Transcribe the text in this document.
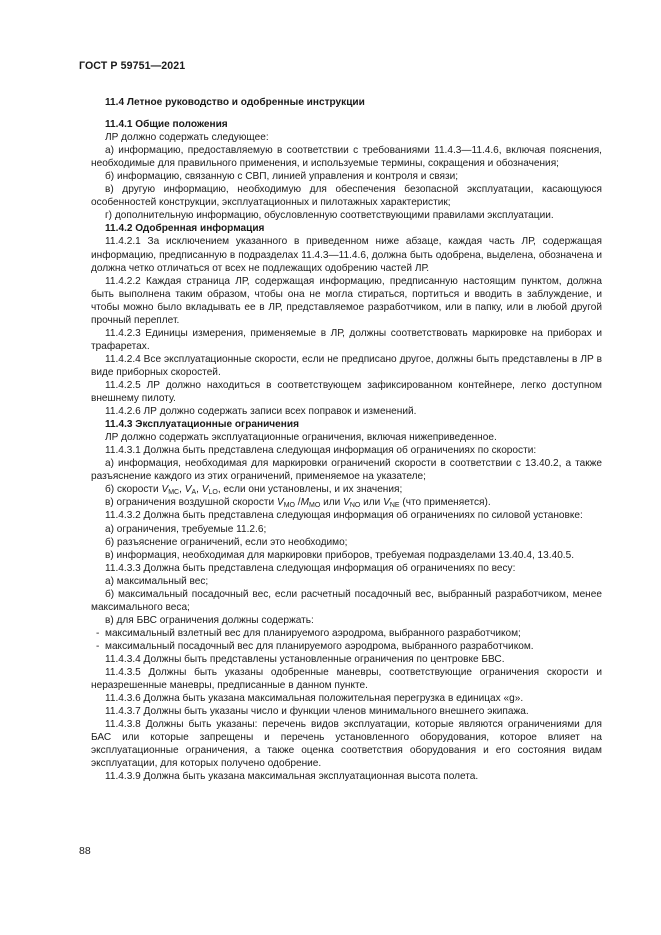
ГОСТ Р 59751—2021

11.4 Летное руководство и одобренные инструкции

11.4.1 Общие положения

ЛР должно содержать следующее:

а) информацию, предоставляемую в соответствии с требованиями 11.4.3—11.4.6, включая пояснения, необходимые для правильного применения, и используемые термины, сокращения и обозначения;

б) информацию, связанную с СВП, линией управления и контроля и связи;

в) другую информацию, необходимую для обеспечения безопасной эксплуатации, касающуюся особенностей конструкции, эксплуатационных и пилотажных характеристик;

г) дополнительную информацию, обусловленную соответствующими правилами эксплуатации.

11.4.2 Одобренная информация

11.4.2.1 За исключением указанного в приведенном ниже абзаце, каждая часть ЛР, содержащая информацию, предписанную в подразделах 11.4.3—11.4.6, должна быть одобрена, выделена, обозначена и должна четко отличаться от всех не подлежащих одобрению частей ЛР.

11.4.2.2 Каждая страница ЛР, содержащая информацию, предписанную настоящим пунктом, должна быть выполнена таким образом, чтобы она не могла стираться, портиться и вводить в заблуждение, и чтобы можно было вкладывать ее в ЛР, представляемое разработчиком, или в папку, или в любой другой прочный переплет.

11.4.2.3 Единицы измерения, применяемые в ЛР, должны соответствовать маркировке на приборах и трафаретах.

11.4.2.4 Все эксплуатационные скорости, если не предписано другое, должны быть представлены в ЛР в виде приборных скоростей.

11.4.2.5 ЛР должно находиться в соответствующем зафиксированном контейнере, легко доступном внешнему пилоту.

11.4.2.6 ЛР должно содержать записи всех поправок и изменений.

11.4.3 Эксплуатационные ограничения

ЛР должно содержать эксплуатационные ограничения, включая нижеприведенное.

11.4.3.1 Должна быть представлена следующая информация об ограничениях по скорости:

а) информация, необходимая для маркировки ограничений скорости в соответствии с 13.40.2, а также разъяснение каждого из этих ограничений, применяемое на указателе;

б) скорости $V_{MC}$, $V_A$, $V_{LO}$, если они установлены, и их значения;

в) ограничения воздушной скорости $V_{MO}$ $/M_{MO}$ или $V_{NO}$ или $V_{NE}$ (что применяется).

11.4.3.2 Должна быть представлена следующая информация об ограничениях по силовой установке:

а) ограничения, требуемые 11.2.6;

б) разъяснение ограничений, если это необходимо;

в) информация, необходимая для маркировки приборов, требуемая подразделами 13.40.4, 13.40.5.

11.4.3.3 Должна быть представлена следующая информация об ограничениях по весу:

а) максимальный вес;

б) максимальный посадочный вес, если расчетный посадочный вес, выбранный разработчиком, менее максимального веса;

в) для БВС ограничения должны содержать:

- максимальный взлетный вес для планируемого аэродрома, выбранного разработчиком;

- максимальный посадочный вес для планируемого аэродрома, выбранного разработчиком.

11.4.3.4 Должны быть представлены установленные ограничения по центровке БВС.

11.4.3.5 Должны быть указаны одобренные маневры, соответствующие ограничения скорости и неразрешенные маневры, предписанные в данном пункте.

11.4.3.6 Должна быть указана максимальная положительная перегрузка в единицах «g».

11.4.3.7 Должны быть указаны число и функции членов минимального внешнего экипажа.

11.4.3.8 Должны быть указаны: перечень видов эксплуатации, которые являются ограничениями для БАС или которые запрещены и перечень установленного оборудования, которое влияет на эксплуатационные ограничения, а также оценка соответствия оборудования и его состояния видам эксплуатации, для которых получено одобрение.

11.4.3.9 Должна быть указана максимальная эксплуатационная высота полета.

88
